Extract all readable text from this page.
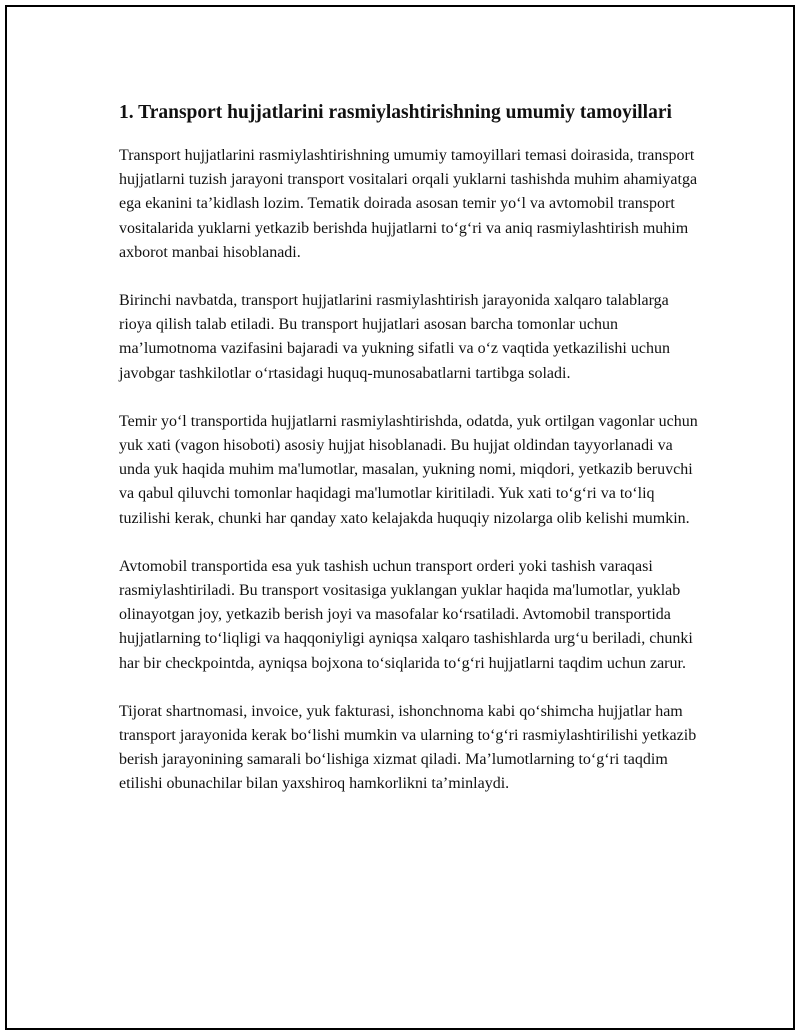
1. Transport hujjatlarini rasmiylashtirishning umumiy tamoyillari

Transport hujjatlarini rasmiylashtirishning umumiy tamoyillari temasi doirasida, transport hujjatlarni tuzish jarayoni transport vositalari orqali yuklarni tashishda muhim ahamiyatga ega ekanini ta’kidlash lozim. Tematik doirada asosan temir yoʻl va avtomobil transport vositalarida yuklarni yetkazib berishda hujjatlarni toʻgʻri va aniq rasmiylashtirish muhim axborot manbai hisoblanadi.

Birinchi navbatda, transport hujjatlarini rasmiylashtirish jarayonida xalqaro talablarga rioya qilish talab etiladi. Bu transport hujjatlari asosan barcha tomonlar uchun ma’lumotnoma vazifasini bajaradi va yukning sifatli va oʻz vaqtida yetkazilishi uchun javobgar tashkilotlar oʻrtasidagi huquq-munosabatlarni tartibga soladi.

Temir yoʻl transportida hujjatlarni rasmiylashtirishda, odatda, yuk ortilgan vagonlar uchun yuk xati (vagon hisoboti) asosiy hujjat hisoblanadi. Bu hujjat oldindan tayyorlanadi va unda yuk haqida muhim ma'lumotlar, masalan, yukning nomi, miqdori, yetkazib beruvchi va qabul qiluvchi tomonlar haqidagi ma'lumotlar kiritiladi. Yuk xati toʻgʻri va toʻliq tuzilishi kerak, chunki har qanday xato kelajakda huquqiy nizolarga olib kelishi mumkin.

Avtomobil transportida esa yuk tashish uchun transport orderi yoki tashish varaqasi rasmiylashtiriladi. Bu transport vositasiga yuklangan yuklar haqida ma'lumotlar, yuklab olinayotgan joy, yetkazib berish joyi va masofalar koʻrsatiladi. Avtomobil transportida hujjatlarning toʻliqligi va haqqoniyligi ayniqsa xalqaro tashishlarda urgʻu beriladi, chunki har bir checkpointda, ayniqsa bojxona toʻsiqlarida toʻgʻri hujjatlarni taqdim uchun zarur.

Tijorat shartnomasi, invoice, yuk fakturasi, ishonchnoma kabi qoʻshimcha hujjatlar ham transport jarayonida kerak boʻlishi mumkin va ularning toʻgʻri rasmiylashtirilishi yetkazib berish jarayonining samarali boʻlishiga xizmat qiladi. Ma’lumotlarning toʻgʻri taqdim etilishi obunachilar bilan yaxshiroq hamkorlikni ta’minlaydi.
